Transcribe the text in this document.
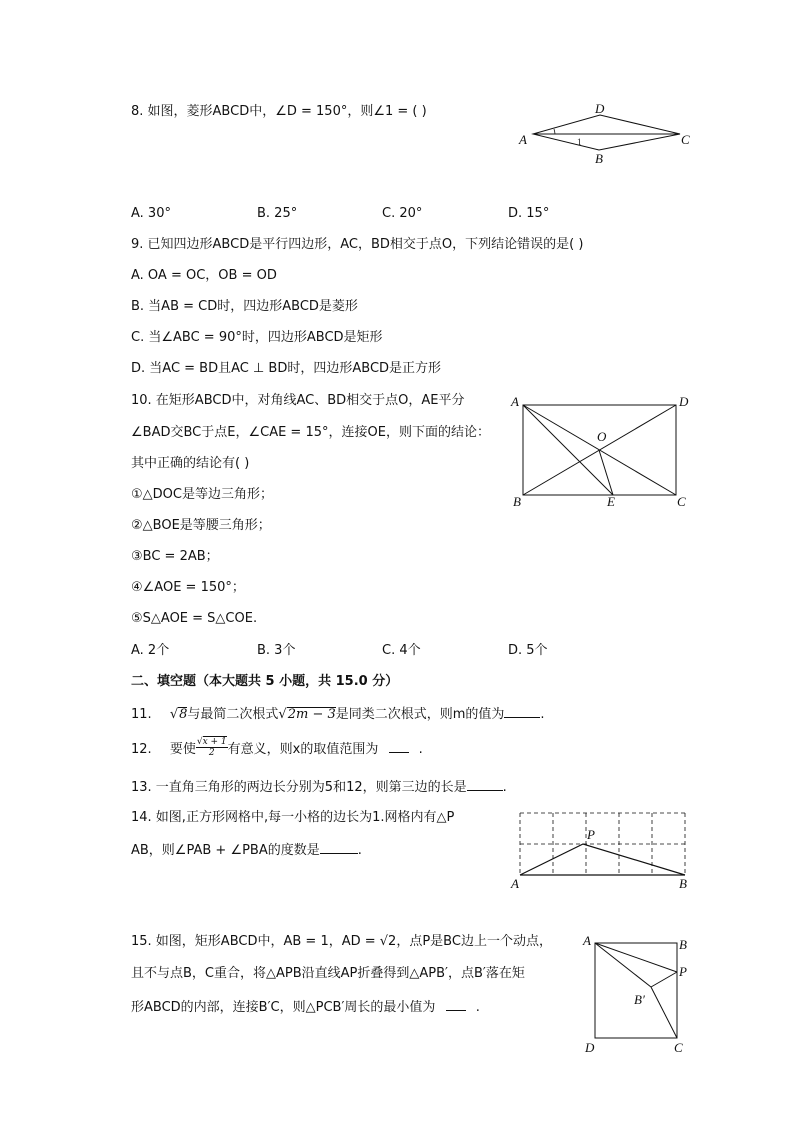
8. 如图，菱形ABCD中，∠D = 150°，则∠1 = ( )
A
D
C
B
1
A. 30°	B. 25°	C. 20°	D. 15°
9. 已知四边形ABCD是平行四边形，AC，BD相交于点O，下列结论错误的是( )
A. OA = OC，OB = OD
B. 当AB = CD时，四边形ABCD是菱形
C. 当∠ABC = 90°时，四边形ABCD是矩形
D. 当AC = BD且AC ⊥ BD时，四边形ABCD是正方形
10. 在矩形ABCD中，对角线AC、BD相交于点O，AE平分
∠BAD交BC于点E，∠CAE = 15°，连接OE，则下面的结论：
其中正确的结论有( )
①△DOC是等边三角形；
②△BOE是等腰三角形；
③BC = 2AB；
④∠AOE = 150°；
⑤S△AOE = S△COE.
A	D
B	E	C
O
A. 2个	B. 3个	C. 4个	D. 5个
二、填空题（本大题共 5 小题，共 15.0 分）
11. √8与最简二次根式√2m − 3是同类二次根式，则m的值为	.
12. 要使 $\frac{√x + 1}{2}$ 有意义，则x的取值范围为	.
13. 一直角三角形的两边长分别为5和12，则第三边的长是	.
14. 如图,正方形网格中,每一小格的边长为1.网格内有△P
AB，则∠PAB + ∠PBA的度数是	.
A	B
P
15. 如图，矩形ABCD中，AB = 1，AD = √2，点P是BC边上一个动点，
且不与点B，C重合，将△APB沿直线AP折叠得到△APB′，点B′落在矩
形ABCD的内部，连接B′C，则△PCB′周长的最小值为	.
A	B
P
B′
D	C
